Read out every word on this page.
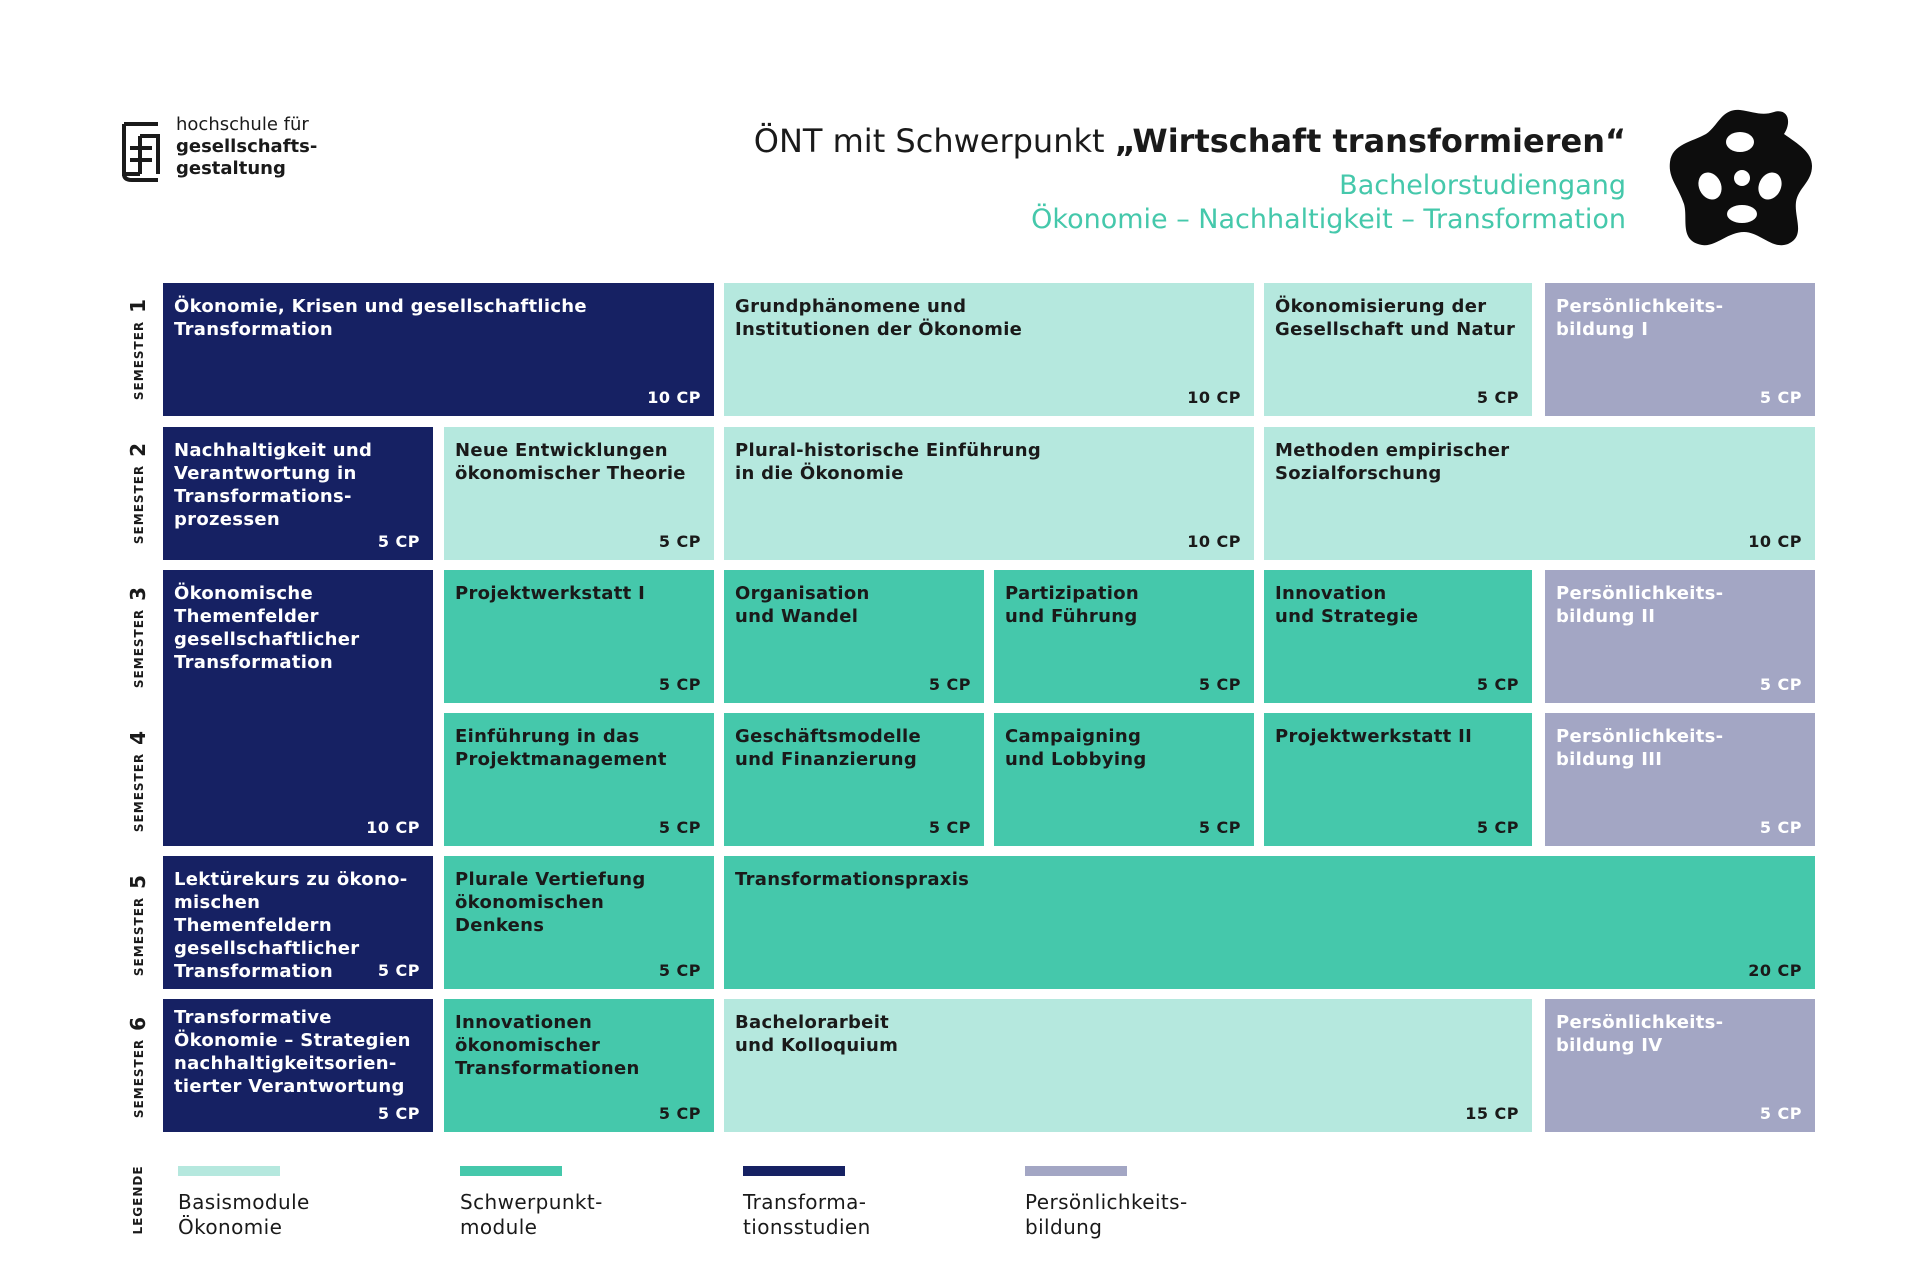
hochschule für
gesellschafts-
gestaltung
ÖNT mit Schwerpunkt „Wirtschaft transformieren“
Bachelorstudiengang
Ökonomie – Nachhaltigkeit – Transformation
SEMESTER1
SEMESTER2
SEMESTER3
SEMESTER4
SEMESTER5
SEMESTER6
Ökonomie, Krisen und gesellschaftliche
Transformation
10 CP
Grundphänomene und
Institutionen der Ökonomie
10 CP
Ökonomisierung der
Gesellschaft und Natur
5 CP
Persönlichkeits-
bildung I
5 CP
Nachhaltigkeit und
Verantwortung in
Transformations-
prozessen
5 CP
Neue Entwicklungen
ökonomischer Theorie
5 CP
Plural-historische Einführung
in die Ökonomie
10 CP
Methoden empirischer
Sozialforschung
10 CP
Ökonomische
Themenfelder
gesellschaftlicher
Transformation
10 CP
Projektwerkstatt I
5 CP
Organisation
und Wandel
5 CP
Partizipation
und Führung
5 CP
Innovation
und Strategie
5 CP
Persönlichkeits-
bildung II
5 CP
Einführung in das
Projektmanagement
5 CP
Geschäftsmodelle
und Finanzierung
5 CP
Campaigning
und Lobbying
5 CP
Projektwerkstatt II
5 CP
Persönlichkeits-
bildung III
5 CP
Lektürekurs zu ökono-
mischen Themenfeldern
gesellschaftlicher
Transformation	5 CP
Plurale Vertiefung
ökonomischen
Denkens
5 CP
Transformationspraxis
20 CP
Transformative
Ökonomie – Strategien
nachhaltigkeitsorien-
tierter Verantwortung
5 CP
Innovationen
ökonomischer
Transformationen
5 CP
Bachelorarbeit
und Kolloquium
15 CP
Persönlichkeits-
bildung IV
5 CP
LEGENDE Basismodule
Ökonomie
Schwerpunkt-
module
Transforma-
tionsstudien
Persönlichkeits-
bildung
